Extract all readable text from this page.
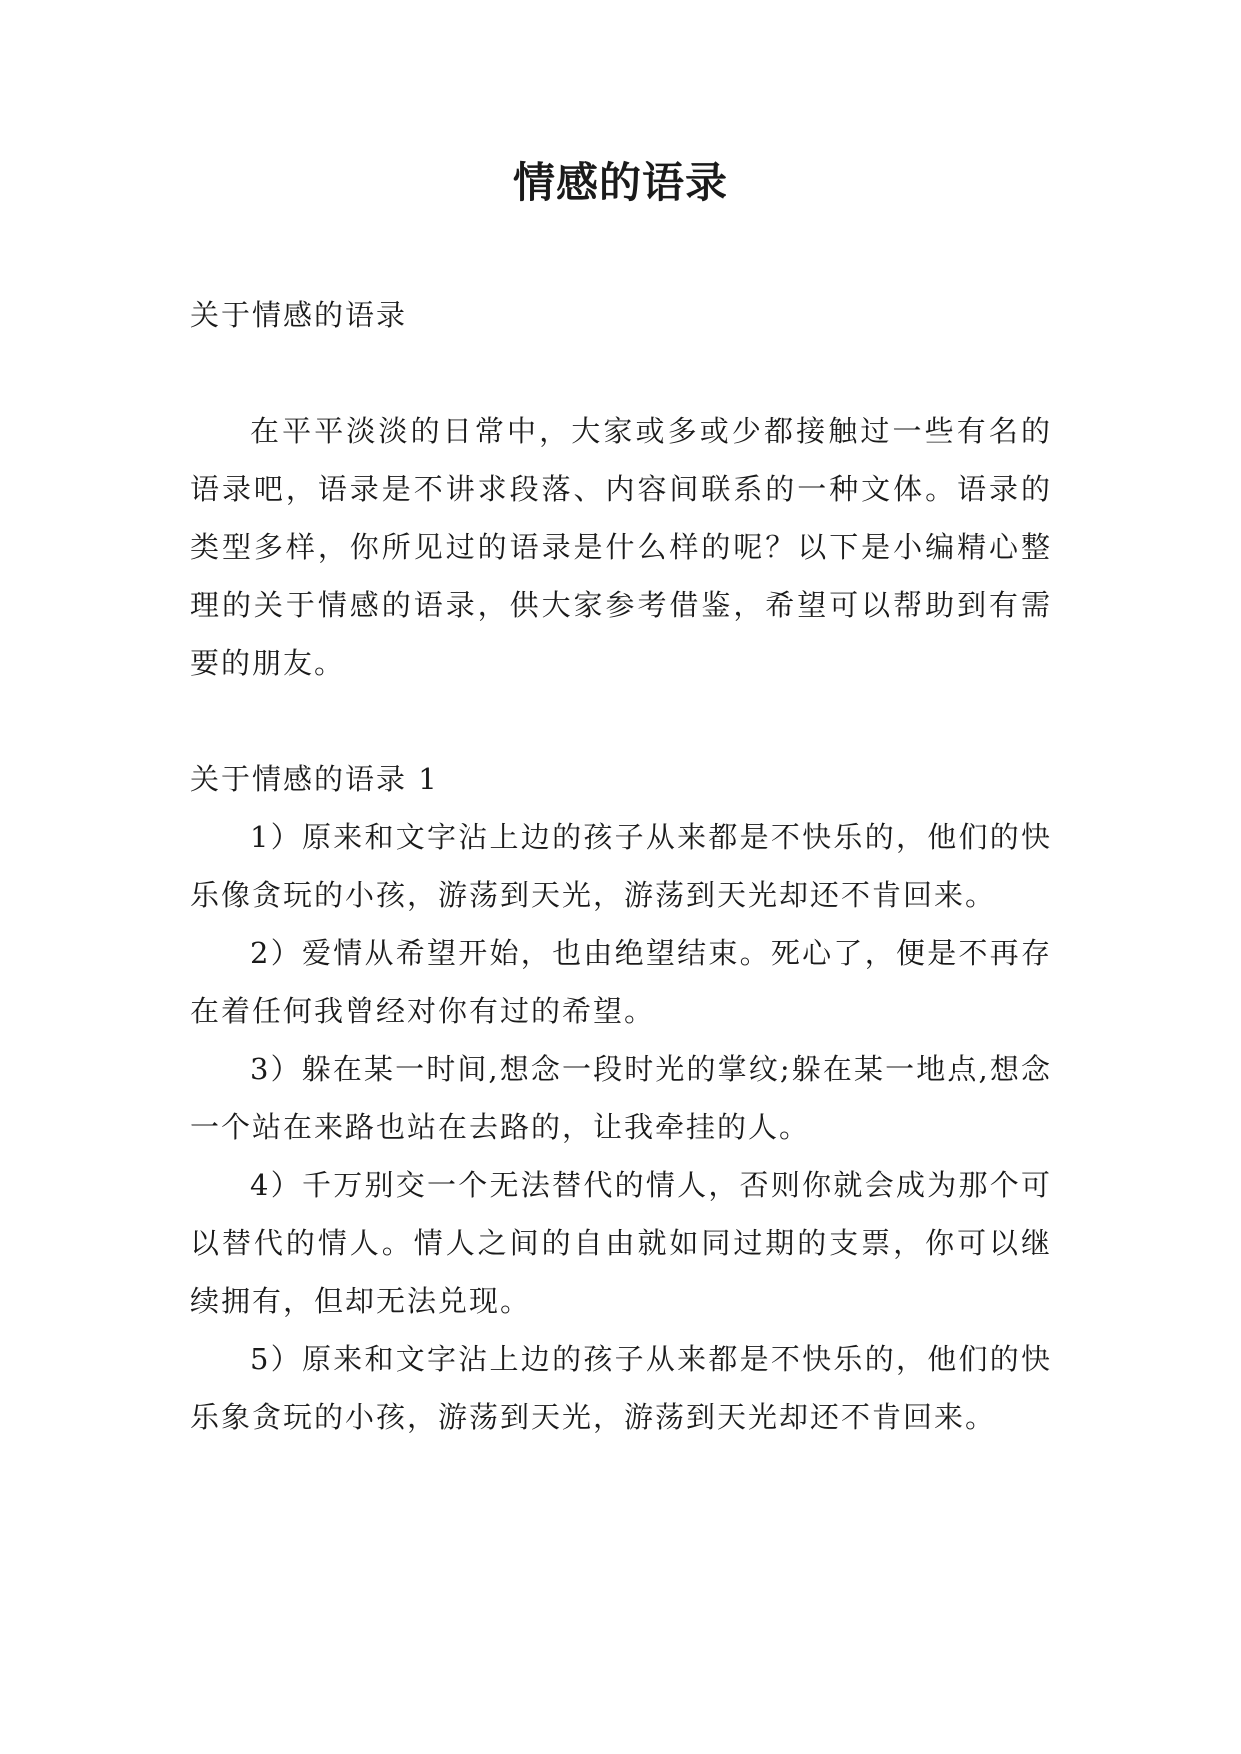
情感的语录

关于情感的语录

在平平淡淡的日常中，大家或多或少都接触过一些有名的语录吧，语录是不讲求段落、内容间联系的一种文体。语录的类型多样，你所见过的语录是什么样的呢？以下是小编精心整理的关于情感的语录，供大家参考借鉴，希望可以帮助到有需要的朋友。

关于情感的语录 1

1）原来和文字沾上边的孩子从来都是不快乐的，他们的快乐像贪玩的小孩，游荡到天光，游荡到天光却还不肯回来。

2）爱情从希望开始，也由绝望结束。死心了，便是不再存在着任何我曾经对你有过的希望。

3）躲在某一时间,想念一段时光的掌纹;躲在某一地点,想念一个站在来路也站在去路的，让我牵挂的人。

4）千万别交一个无法替代的情人，否则你就会成为那个可以替代的情人。情人之间的自由就如同过期的支票，你可以继续拥有，但却无法兑现。

5）原来和文字沾上边的孩子从来都是不快乐的，他们的快乐象贪玩的小孩，游荡到天光，游荡到天光却还不肯回来。
